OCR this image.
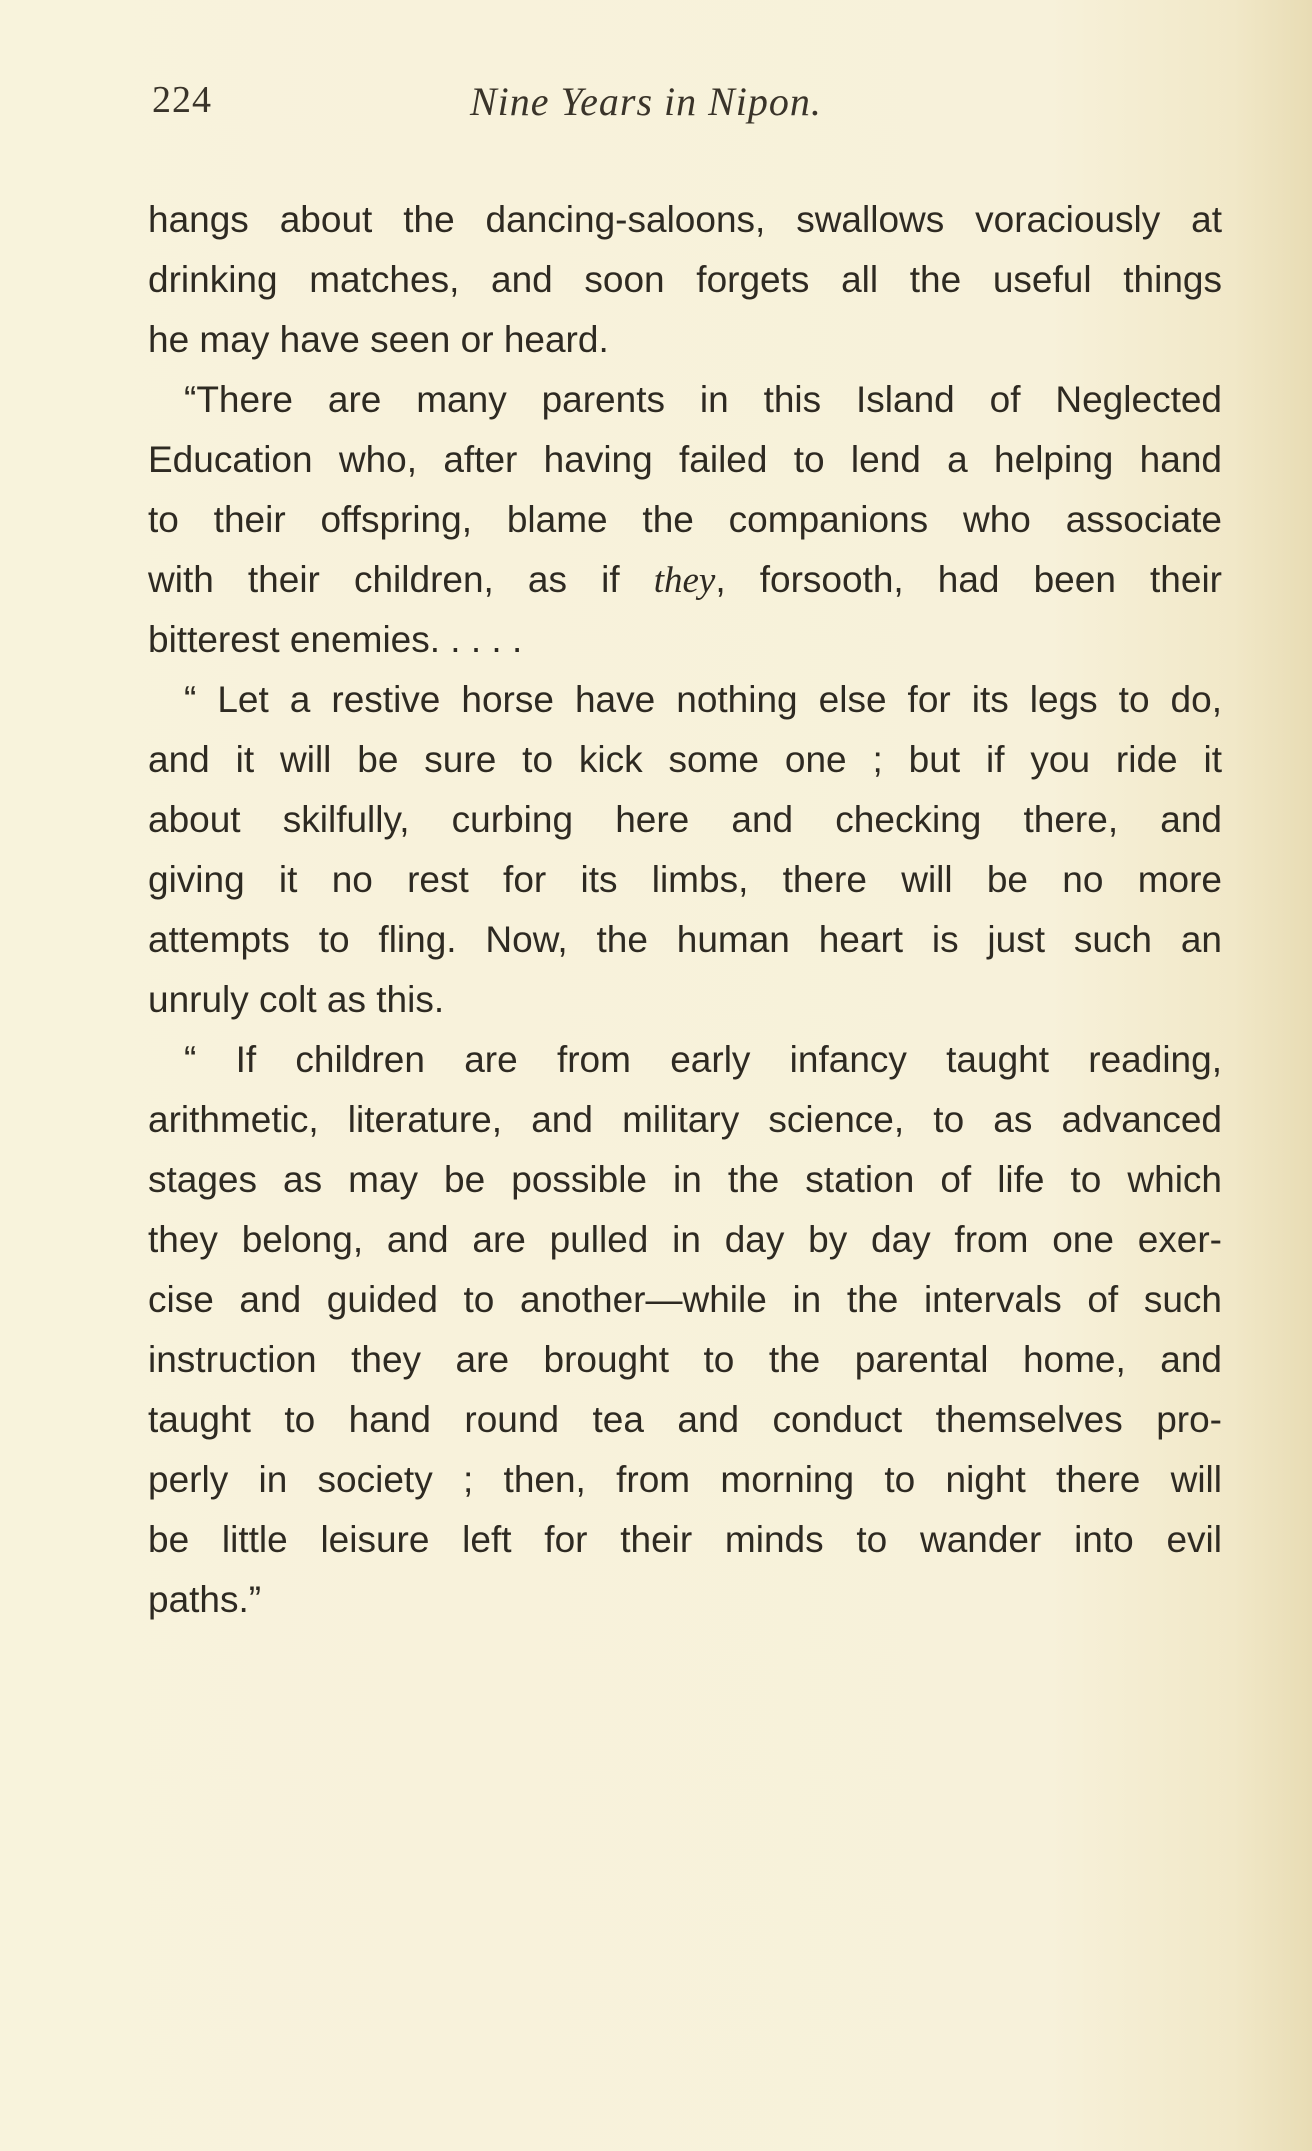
224	Nine Years in Nipon.
hangs about the dancing-saloons, swallows voraciously at
drinking matches, and soon forgets all the useful things
he may have seen or heard.
“There are many parents in this Island of Neglected
Education who, after having failed to lend a helping hand
to their offspring, blame the companions who associate
with their children, as if they, forsooth, had been their
bitterest enemies. . . . .
“ Let a restive horse have nothing else for its legs to do,
and it will be sure to kick some one ; but if you ride it
about skilfully, curbing here and checking there, and
giving it no rest for its limbs, there will be no more
attempts to fling. Now, the human heart is just such an
unruly colt as this.
“ If children are from early infancy taught reading,
arithmetic, literature, and military science, to as advanced
stages as may be possible in the station of life to which
they belong, and are pulled in day by day from one exer-
cise and guided to another—while in the intervals of such
instruction they are brought to the parental home, and
taught to hand round tea and conduct themselves pro-
perly in society ; then, from morning to night there will
be little leisure left for their minds to wander into evil
paths.”
